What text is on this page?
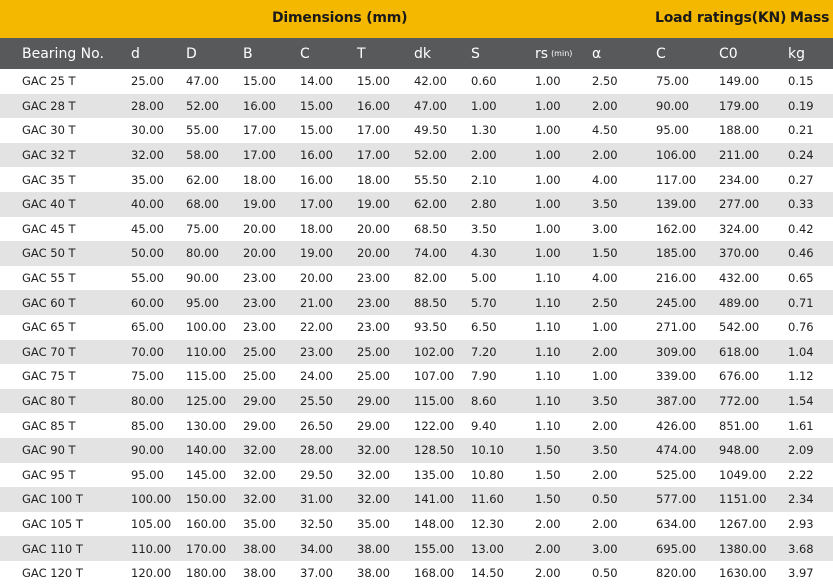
Dimensions (mm)	Load ratings(KN) Mass
Bearing No.	d	D	B	C	T	dk	S	rs (min)	α	C	C0	kg
GAC 25 T	25.00	47.00	15.00	14.00	15.00	42.00	0.60	1.00	2.50	75.00	149.00	0.15
GAC 28 T	28.00	52.00	16.00	15.00	16.00	47.00	1.00	1.00	2.00	90.00	179.00	0.19
GAC 30 T	30.00	55.00	17.00	15.00	17.00	49.50	1.30	1.00	4.50	95.00	188.00	0.21
GAC 32 T	32.00	58.00	17.00	16.00	17.00	52.00	2.00	1.00	2.00	106.00	211.00	0.24
GAC 35 T	35.00	62.00	18.00	16.00	18.00	55.50	2.10	1.00	4.00	117.00	234.00	0.27
GAC 40 T	40.00	68.00	19.00	17.00	19.00	62.00	2.80	1.00	3.50	139.00	277.00	0.33
GAC 45 T	45.00	75.00	20.00	18.00	20.00	68.50	3.50	1.00	3.00	162.00	324.00	0.42
GAC 50 T	50.00	80.00	20.00	19.00	20.00	74.00	4.30	1.00	1.50	185.00	370.00	0.46
GAC 55 T	55.00	90.00	23.00	20.00	23.00	82.00	5.00	1.10	4.00	216.00	432.00	0.65
GAC 60 T	60.00	95.00	23.00	21.00	23.00	88.50	5.70	1.10	2.50	245.00	489.00	0.71
GAC 65 T	65.00	100.00	23.00	22.00	23.00	93.50	6.50	1.10	1.00	271.00	542.00	0.76
GAC 70 T	70.00	110.00	25.00	23.00	25.00	102.00	7.20	1.10	2.00	309.00	618.00	1.04
GAC 75 T	75.00	115.00	25.00	24.00	25.00	107.00	7.90	1.10	1.00	339.00	676.00	1.12
GAC 80 T	80.00	125.00	29.00	25.50	29.00	115.00	8.60	1.10	3.50	387.00	772.00	1.54
GAC 85 T	85.00	130.00	29.00	26.50	29.00	122.00	9.40	1.10	2.00	426.00	851.00	1.61
GAC 90 T	90.00	140.00	32.00	28.00	32.00	128.50	10.10	1.50	3.50	474.00	948.00	2.09
GAC 95 T	95.00	145.00	32.00	29.50	32.00	135.00	10.80	1.50	2.00	525.00	1049.00	2.22
GAC 100 T	100.00	150.00	32.00	31.00	32.00	141.00	11.60	1.50	0.50	577.00	1151.00	2.34
GAC 105 T	105.00	160.00	35.00	32.50	35.00	148.00	12.30	2.00	2.00	634.00	1267.00	2.93
GAC 110 T	110.00	170.00	38.00	34.00	38.00	155.00	13.00	2.00	3.00	695.00	1380.00	3.68
GAC 120 T	120.00	180.00	38.00	37.00	38.00	168.00	14.50	2.00	0.50	820.00	1630.00	3.97
